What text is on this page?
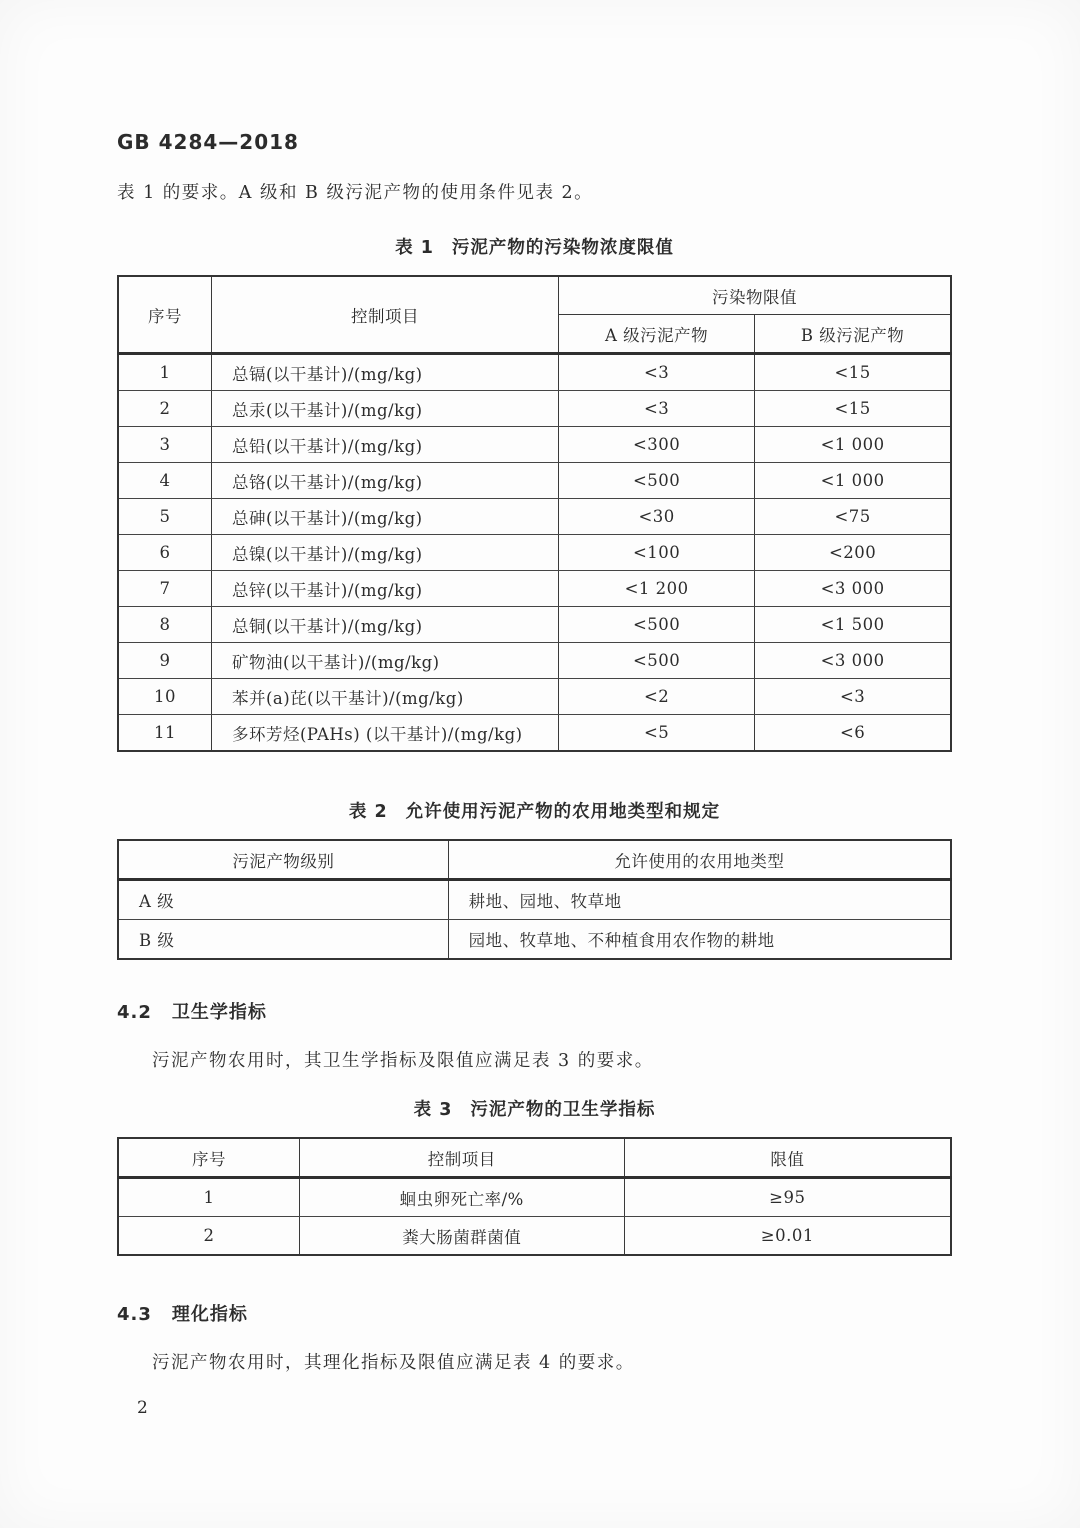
GB 4284—2018
表 1 的要求。A 级和 B 级污泥产物的使用条件见表 2。
表 1 污泥产物的污染物浓度限值
序号	控制项目	污染物限值	
		A 级污泥产物	B 级污泥产物
1	总镉(以干基计)/(mg/kg)	<3	<15
2	总汞(以干基计)/(mg/kg)	<3	<15
3	总铅(以干基计)/(mg/kg)	<300	<1 000
4	总铬(以干基计)/(mg/kg)	<500	<1 000
5	总砷(以干基计)/(mg/kg)	<30	<75
6	总镍(以干基计)/(mg/kg)	<100	<200
7	总锌(以干基计)/(mg/kg)	<1 200	<3 000
8	总铜(以干基计)/(mg/kg)	<500	<1 500
9	矿物油(以干基计)/(mg/kg)	<500	<3 000
10	苯并(a)芘(以干基计)/(mg/kg)	<2	<3
11	多环芳烃(PAHs) (以干基计)/(mg/kg)	<5	<6
表 2 允许使用污泥产物的农用地类型和规定
污泥产物级别	允许使用的农用地类型
A 级	耕地、园地、牧草地
B 级	园地、牧草地、不种植食用农作物的耕地
4.2 卫生学指标
污泥产物农用时，其卫生学指标及限值应满足表 3 的要求。
表 3 污泥产物的卫生学指标
序号	控制项目	限值
1	蛔虫卵死亡率/%	≥95
2	粪大肠菌群菌值	≥0.01
4.3 理化指标
污泥产物农用时，其理化指标及限值应满足表 4 的要求。
2
